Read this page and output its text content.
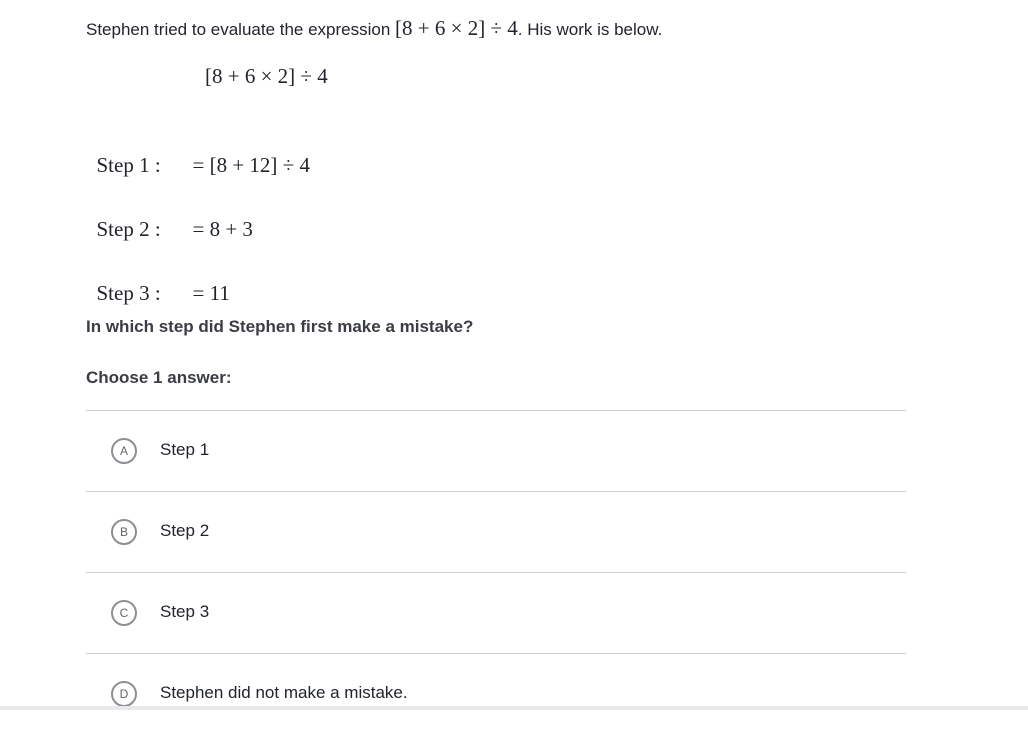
Stephen tried to evaluate the expression [8 + 6 × 2] ÷ 4. His work is below.
[8 + 6 × 2] ÷ 4

Step 1 : = [8 + 12] ÷ 4

Step 2 : = 8 + 3

Step 3 : = 11

In which step did Stephen first make a mistake?
Choose 1 answer:
A	Step 1
B	Step 2
C	Step 3
D	Stephen did not make a mistake.
